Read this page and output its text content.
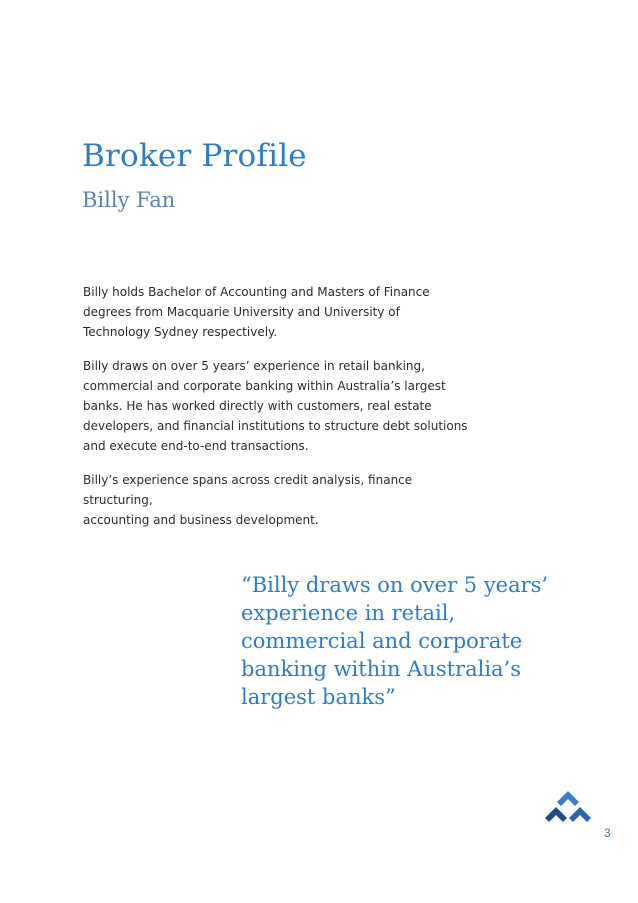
Broker Profile
Billy Fan

Billy holds Bachelor of Accounting and Masters of Finance
degrees from Macquarie University and University of
Technology Sydney respectively.

Billy draws on over 5 years’ experience in retail banking,
commercial and corporate banking within Australia’s largest
banks. He has worked directly with customers, real estate
developers, and financial institutions to structure debt solutions
and execute end-to-end transactions.

Billy’s experience spans across credit analysis, finance structuring,
accounting and business development.

“Billy draws on over 5 years’
experience in retail,
commercial and corporate
banking within Australia’s
largest banks”

3
